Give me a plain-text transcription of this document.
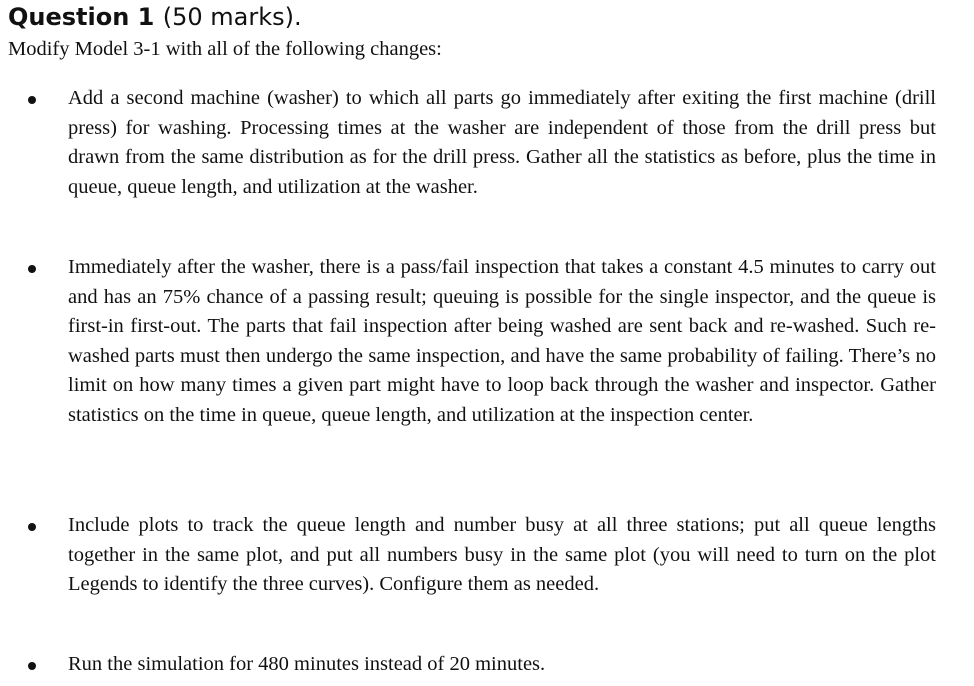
Question 1 (50 marks).

Modify Model 3-1 with all of the following changes:

Add a second machine (washer) to which all parts go immediately after exiting the first machine (drill press) for washing. Processing times at the washer are independent of those from the drill press but drawn from the same distribution as for the drill press. Gather all the statistics as before, plus the time in queue, queue length, and utilization at the washer.

Immediately after the washer, there is a pass/fail inspection that takes a constant 4.5 minutes to carry out and has an 75% chance of a passing result; queuing is possible for the single inspector, and the queue is first-in first-out. The parts that fail inspection after being washed are sent back and re-washed. Such re-washed parts must then undergo the same inspection, and have the same probability of failing. There’s no limit on how many times a given part might have to loop back through the washer and inspector. Gather statistics on the time in queue, queue length, and utilization at the inspection center.

Include plots to track the queue length and number busy at all three stations; put all queue lengths together in the same plot, and put all numbers busy in the same plot (you will need to turn on the plot Legends to identify the three curves). Configure them as needed.

Run the simulation for 480 minutes instead of 20 minutes.
